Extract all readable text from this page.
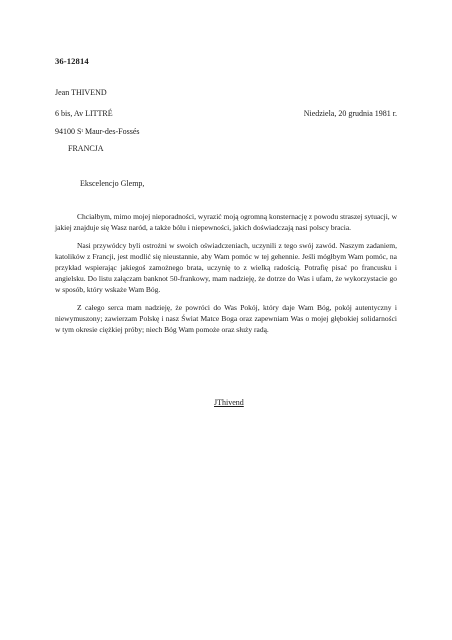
36-12814
Jean THIVEND
6 bis, Av LITTRÉ
94100 Sᵗ Maur-des-Fossés
FRANCJA
Niedziela, 20 grudnia 1981 r.
Ekscelencjo Glemp,

Chciałbym, mimo mojej nieporadności, wyrazić moją ogromną konsternację z powodu straszej sytuacji, w jakiej znajduje się Wasz naród, a także bólu i niepewności, jakich doświadczają nasi polscy bracia.

Nasi przywódcy byli ostrożni w swoich oświadczeniach, uczynili z tego swój zawód. Naszym zadaniem, katolików z Francji, jest modlić się nieustannie, aby Wam pomóc w tej gehennie. Jeśli mógłbym Wam pomóc, na przykład wspierając jakiegoś zamożnego brata, uczynię to z wielką radością. Potrafię pisać po francusku i angielsku. Do listu załączam banknot 50-frankowy, mam nadzieję, że dotrze do Was i ufam, że wykorzystacie go w sposób, który wskaże Wam Bóg.

Z całego serca mam nadzieję, że powróci do Was Pokój, który daje Wam Bóg, pokój autentyczny i niewymuszony; zawierzam Polskę i nasz Świat Matce Boga oraz zapewniam Was o mojej głębokiej solidarności w tym okresie ciężkiej próby; niech Bóg Wam pomoże oraz służy radą.

JThivend
